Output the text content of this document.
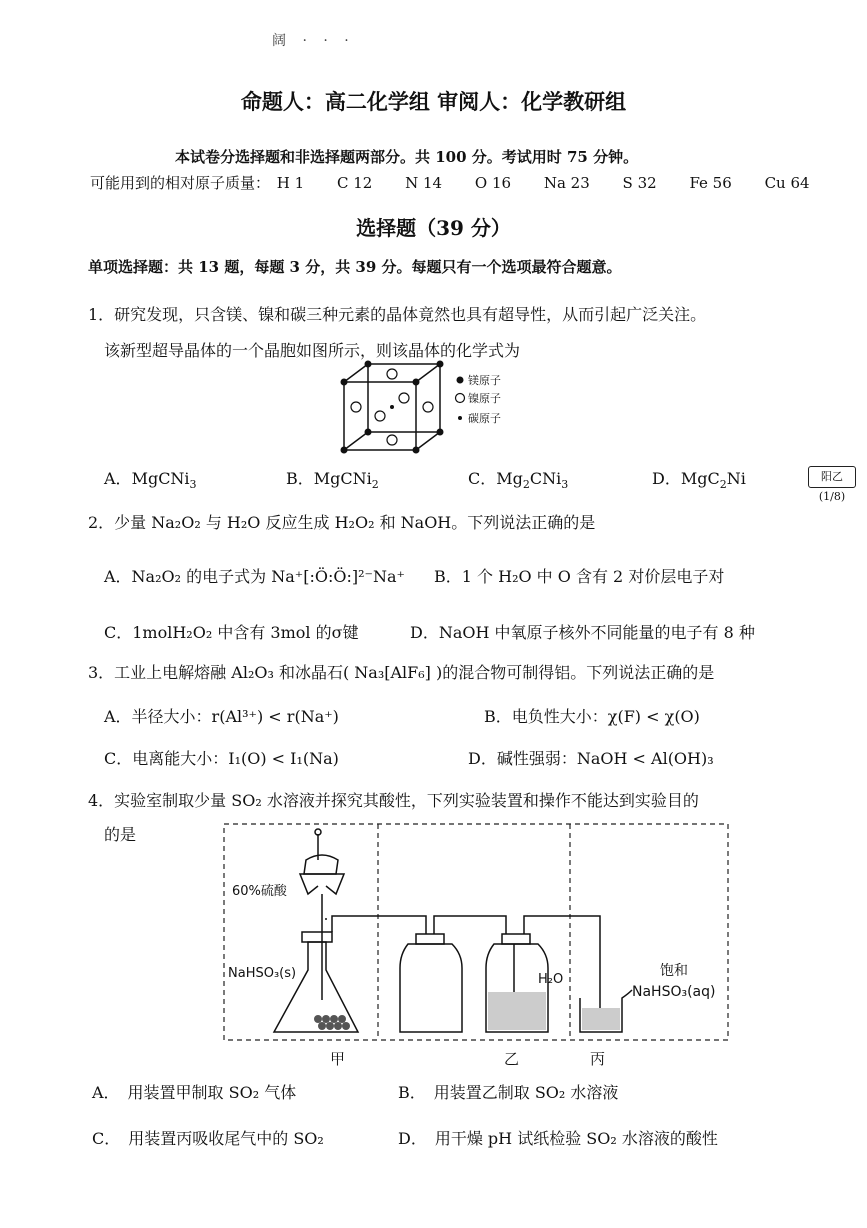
阔 · · ·
命题人：高二化学组 审阅人：化学教研组
本试卷分选择题和非选择题两部分。共 100 分。考试用时 75 分钟。
可能用到的相对原子质量： H 1 C 12 N 14 O 16 Na 23 S 32 Fe 56 Cu 64
选择题（39 分）
单项选择题：共 13 题，每题 3 分，共 39 分。每题只有一个选项最符合题意。
1．研究发现，只含镁、镍和碳三种元素的晶体竟然也具有超导性，从而引起广泛关注。
该新型超导晶体的一个晶胞如图所示，则该晶体的化学式为
镁原子
镍原子
碳原子
A．MgCNi$_3$	B．MgCNi$_2$	C．$Mg_2CNi_3$	D．MgC$_2$Ni	阳乙(1/8)
2．少量 Na₂O₂ 与 H₂O 反应生成 H₂O₂ 和 NaOH。下列说法正确的是
A．Na₂O₂ 的电子式为 Na⁺[:Ö:Ö:]²⁻Na⁺ B．1 个 H₂O 中 O 含有 2 对价层电子对
C．1molH₂O₂ 中含有 3mol 的σ键	D．NaOH 中氧原子核外不同能量的电子有 8 种
3．工业上电解熔融 Al₂O₃ 和冰晶石( Na₃[AlF₆] )的混合物可制得铝。下列说法正确的是
A．半径大小：r(Al³⁺) < r(Na⁺)	B．电负性大小：χ(F) < χ(O)
C．电离能大小：I₁(O) < I₁(Na)	D．碱性强弱：NaOH < Al(OH)₃
4．实验室制取少量 SO₂ 水溶液并探究其酸性，下列实验装置和操作不能达到实验目的
的是
60%硫酸
NaHSO₃(s)	H₂O
饱和
NaHSO₃(aq)
甲	乙	丙
A．　用装置甲制取 SO₂ 气体	B．　用装置乙制取 SO₂ 水溶液
C．　用装置丙吸收尾气中的 SO₂	D．　用干燥 pH 试纸检验 SO₂ 水溶液的酸性
